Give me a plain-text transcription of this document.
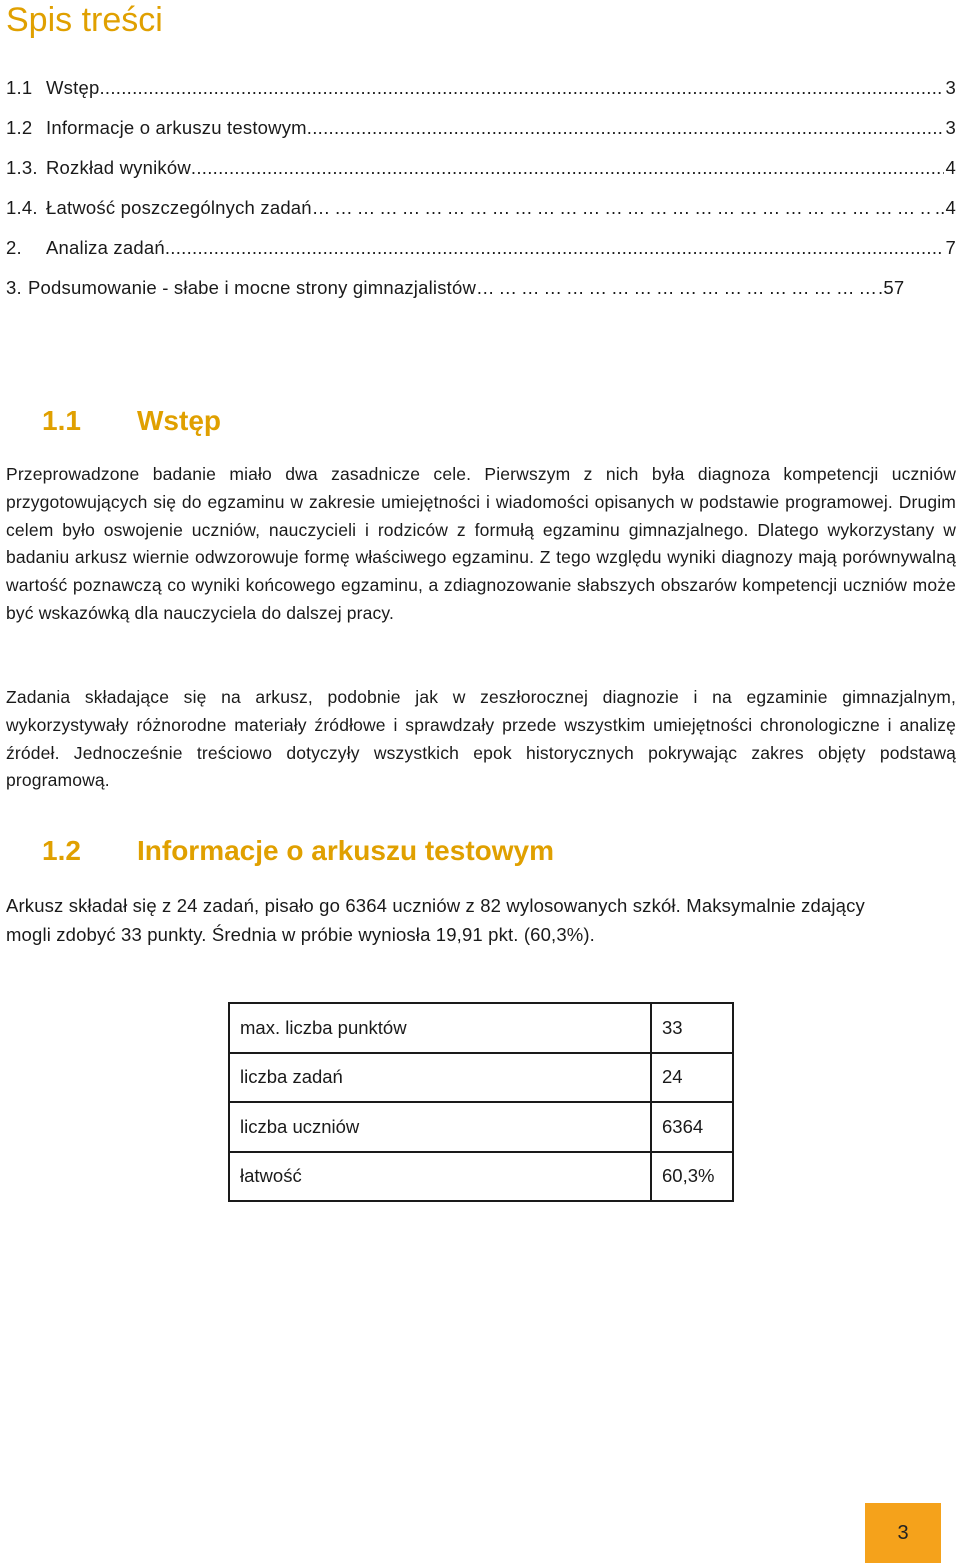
Spis treści
1.1 Wstęp .....	3
1.2 Informacje o arkuszu testowym .....	3
1.3. Rozkład wyników .....	4
1.4. Łatwość poszczególnych zadań ………………………………………………………………………………………………………………………………………………………………………………………	..4
2.	Analiza zadań .....	7
3. Podsumowanie - słabe i mocne strony gimnazjalistów ………………………………………………………………………………………………………………………………………………………………………………………	.57
1.1	Wstęp

Przeprowadzone badanie miało dwa zasadnicze cele. Pierwszym z nich była diagnoza kompetencji uczniów przygotowujących się do egzaminu w zakresie umiejętności i wiadomości opisanych w podstawie programowej. Drugim celem było oswojenie uczniów, nauczycieli i rodziców z formułą egzaminu gimnazjalnego. Dlatego wykorzystany w badaniu arkusz wiernie odwzorowuje formę właściwego egzaminu. Z tego względu wyniki diagnozy mają porównywalną wartość poznawczą co wyniki końcowego egzaminu, a zdiagnozowanie słabszych obszarów kompetencji uczniów może być wskazówką dla nauczyciela do dalszej pracy.

Zadania składające się na arkusz, podobnie jak w zeszłorocznej diagnozie i na egzaminie gimnazjalnym, wykorzystywały różnorodne materiały źródłowe i sprawdzały przede wszystkim umiejętności chronologiczne i analizę źródeł. Jednocześnie treściowo dotyczyły wszystkich epok historycznych pokrywając zakres objęty podstawą programową.

1.2	Informacje o arkuszu testowym

Arkusz składał się z 24 zadań, pisało go 6364 uczniów z 82 wylosowanych szkół. Maksymalnie zdający mogli zdobyć 33 punkty. Średnia w próbie wyniosła 19,91 pkt. (60,3%).

max. liczba punktów	33
liczba zadań	24
liczba uczniów	6364
łatwość	60,3%
3
